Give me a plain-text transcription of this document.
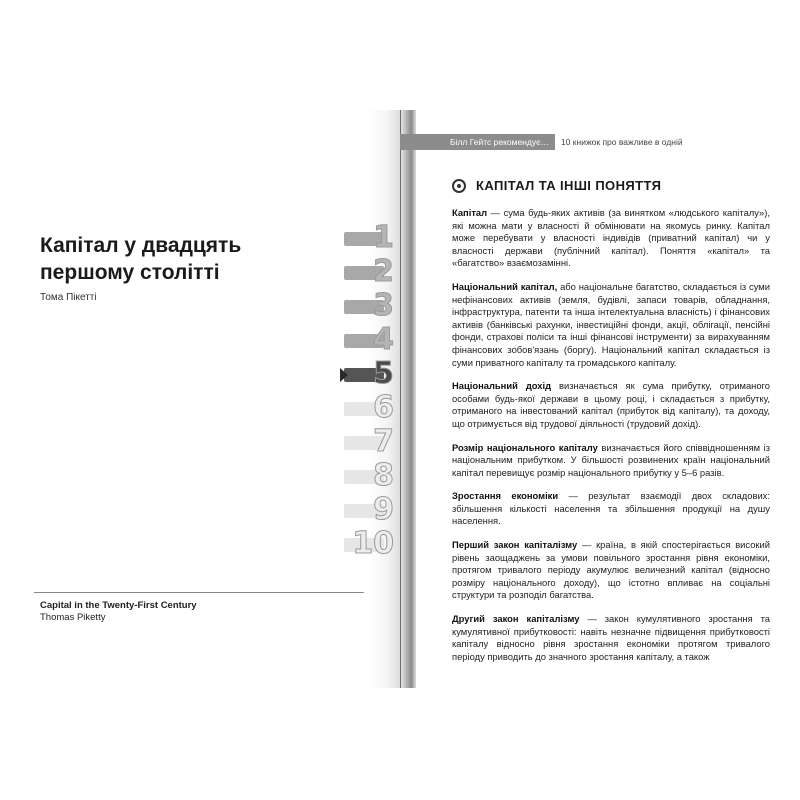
Капітал у двадцять першому столітті
Тома Пікетті
1
2
3
4
5
6
7
8
9
10
Capital in the Twenty-First Century
Thomas Piketty
Білл Гейтс рекомендує…	10 книжок про важливе в одній
КАПІТАЛ ТА ІНШІ ПОНЯТТЯ

Капітал — сума будь-яких активів (за винятком «людського капіталу»), які можна мати у власності й обмінювати на якомусь ринку. Капітал може перебувати у власності індивідів (приватний капітал) чи у власності держави (публічний капітал). Поняття «капітал» та «багатство» взаємозамінні.

Національний капітал, або національне багатство, складається із суми нефінансових активів (земля, будівлі, запаси товарів, обладнання, інфраструктура, патенти та інша інтелектуальна власність) і фінансових активів (банківські рахунки, інвестиційні фонди, акції, облігації, пенсійні фонди, страхові поліси та інші фінансові інструменти) за вирахуванням фінансових зобов'язань (боргу). Національний капітал складається із суми приватного капіталу та громадського капіталу.

Національний дохід визначається як сума прибутку, отриманого особами будь-якої держави в цьому році, і складається з прибутку, отриманого на інвестований капітал (прибуток від капіталу), та доходу, що отримується від трудової діяльності (трудовий дохід).

Розмір національного капіталу визначається його співвідношенням із національним прибутком. У більшості розвинених країн національний капітал перевищує розмір національного прибутку у 5–6 разів.

Зростання економіки — результат взаємодії двох складових: збільшення кількості населення та збільшення продукції на душу населення.

Перший закон капіталізму — країна, в якій спостерігається високий рівень заощаджень за умови повільного зростання рівня економіки, протягом тривалого періоду акумулює величезний капітал (відносно розміру національного доходу), що істотно впливає на соціальні структури та розподіл багатства.

Другий закон капіталізму — закон кумулятивного зростання та кумулятивної прибутковості: навіть незначне підвищення прибутковості капіталу відносно рівня зростання економіки протягом тривалого періоду приводить до значного зростання капіталу, а також
